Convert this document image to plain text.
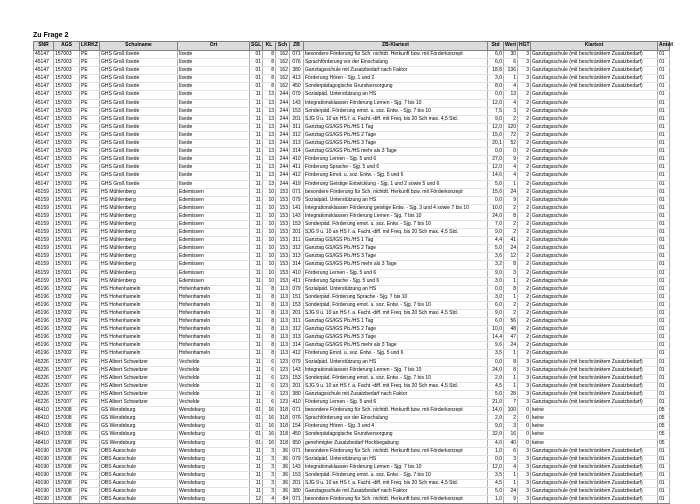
Zu Frage 2
SNR	AGS	LKRKZ	Schulname	Ort	SGL	KL	Sch	ZB	ZB-Klartext	Std	Wert	HGT	Klartext	Anteil
45147	157003	PE	GHS Groß Ilsede	Ilsede	01	8	162	071	besondere Förderung für Sch. nichtdt. Herkunft bzw. mit Förderkonzept	6,0	30	3	Ganztagsschule (mit beschränktem Zusatzbedarf)	01
45147	157003	PE	GHS Groß Ilsede	Ilsede	01	8	162	076	Sprachförderung vor der Einschulung	6,0	6	3	Ganztagsschule (mit beschränktem Zusatzbedarf)	01
45147	157003	PE	GHS Groß Ilsede	Ilsede	01	8	162	380	Ganztagsschule mit Zusatzbedarf nach Faktor	18,8	136	3	Ganztagsschule (mit beschränktem Zusatzbedarf)	01
45147	157003	PE	GHS Groß Ilsede	Ilsede	01	8	162	413	Förderung Hören - Sjg. 1 und 2	3,0	1	3	Ganztagsschule (mit beschränktem Zusatzbedarf)	01
45147	157003	PE	GHS Groß Ilsede	Ilsede	01	8	162	450	Sonderpädagogische Grundversorgung	8,0	4	3	Ganztagsschule (mit beschränktem Zusatzbedarf)	01
45147	157003	PE	GHS Groß Ilsede	Ilsede	11	13	244	079	Sozialpäd. Unterstützung an HS	0,0	13	2	Ganztagsschule	01
45147	157003	PE	GHS Groß Ilsede	Ilsede	11	13	244	143	Integrationsklassen Förderung Lernen - Sjg. 7 bis 10	12,0	4	2	Ganztagsschule	01
45147	157003	PE	GHS Groß Ilsede	Ilsede	11	13	244	153	Sonderpäd. Förderung emot. u. soz. Entw. - Sjg. 7 bis 10	7,5	3	2	Ganztagsschule	01
45147	157003	PE	GHS Groß Ilsede	Ilsede	11	13	244	201	SJG 9 u. 10 an HS f. a. Facht.-diff. mit Freq. bis 20 Sch max. 4,5 Std.	9,0	2	2	Ganztagsschule	01
45147	157003	PE	GHS Groß Ilsede	Ilsede	11	13	244	311	Ganztag GS/IGS Pb./HS 1 Tag	12,0	120	2	Ganztagsschule	01
45147	157003	PE	GHS Groß Ilsede	Ilsede	11	13	244	312	Ganztag GS/IGS Pb./HS 2 Tage	15,0	72	2	Ganztagsschule	01
45147	157003	PE	GHS Groß Ilsede	Ilsede	11	13	244	313	Ganztag GS/IGS Pb./HS 3 Tage	20,1	52	2	Ganztagsschule	01
45147	157003	PE	GHS Groß Ilsede	Ilsede	11	13	244	314	Ganztag GS/IGS Pb./HS mehr als 3 Tage	0,0	0	2	Ganztagsschule	01
45147	157003	PE	GHS Groß Ilsede	Ilsede	11	13	244	410	Förderung Lernen - Sjg. 5 und 6	27,0	9	2	Ganztagsschule	01
45147	157003	PE	GHS Groß Ilsede	Ilsede	11	13	244	411	Förderung Sprache - Sjg. 5 und 6	12,0	4	2	Ganztagsschule	01
45147	157003	PE	GHS Groß Ilsede	Ilsede	11	13	244	412	Förderung Emot. u. soz. Entw. - Sjg. 5 und 6	14,0	4	2	Ganztagsschule	01
45147	157003	PE	GHS Groß Ilsede	Ilsede	11	13	244	419	Förderung Geistige Entwicklung - Sjg. 1 und 2 sowie 5 und 6	5,0	1	2	Ganztagsschule	01
45159	157001	PE	HS Mühlenberg	Edemissen	11	10	153	071	besondere Förderung für Sch. nichtdt. Herkunft bzw. mit Förderkonzept	15,0	24	2	Ganztagsschule	01
45159	157001	PE	HS Mühlenberg	Edemissen	11	10	153	079	Sozialpäd. Unterstützung an HS	0,0	9	2	Ganztagsschule	01
45159	157001	PE	HS Mühlenberg	Edemissen	11	10	153	141	Integrationsklassen Förderung geistige Entw. - Sjg. 3 und 4 sowie 7 bis 10	10,0	2	2	Ganztagsschule	01
45159	157001	PE	HS Mühlenberg	Edemissen	11	10	153	143	Integrationsklassen Förderung Lernen - Sjg. 7 bis 10	24,0	8	2	Ganztagsschule	01
45159	157001	PE	HS Mühlenberg	Edemissen	11	10	153	153	Sonderpäd. Förderung emot. u. soz. Entw. - Sjg. 7 bis 10	7,0	2	2	Ganztagsschule	01
45159	157001	PE	HS Mühlenberg	Edemissen	11	10	153	201	SJG 9 u. 10 an HS f. a. Facht.-diff. mit Freq. bis 20 Sch max. 4,5 Std.	9,0	2	2	Ganztagsschule	01
45159	157001	PE	HS Mühlenberg	Edemissen	11	10	153	311	Ganztag GS/IGS Pb./HS 1 Tag	4,4	41	2	Ganztagsschule	01
45159	157001	PE	HS Mühlenberg	Edemissen	11	10	153	312	Ganztag GS/IGS Pb./HS 2 Tage	5,0	24	2	Ganztagsschule	01
45159	157001	PE	HS Mühlenberg	Edemissen	11	10	153	313	Ganztag GS/IGS Pb./HS 3 Tage	3,6	12	2	Ganztagsschule	01
45159	157001	PE	HS Mühlenberg	Edemissen	11	10	153	314	Ganztag GS/IGS Pb./HS mehr als 3 Tage	3,2	8	2	Ganztagsschule	01
45159	157001	PE	HS Mühlenberg	Edemissen	11	10	153	410	Förderung Lernen - Sjg. 5 und 6	9,0	3	2	Ganztagsschule	01
45159	157001	PE	HS Mühlenberg	Edemissen	11	10	153	411	Förderung Sprache - Sjg. 5 und 6	3,0	1	2	Ganztagsschule	01
45196	157002	PE	HS Hohenhameln	Hohenhameln	11	8	113	079	Sozialpäd. Unterstützung an HS	0,0	8	2	Ganztagsschule	01
45196	157002	PE	HS Hohenhameln	Hohenhameln	11	8	113	151	Sonderpäd. Förderung Sprache - Sjg. 7 bis 10	3,0	1	2	Ganztagsschule	01
45196	157002	PE	HS Hohenhameln	Hohenhameln	11	8	113	153	Sonderpäd. Förderung emot. u. soz. Entw. - Sjg. 7 bis 10	6,0	2	2	Ganztagsschule	01
45196	157002	PE	HS Hohenhameln	Hohenhameln	11	8	113	201	SJG 9 u. 10 an HS f. a. Facht.-diff. mit Freq. bis 20 Sch max. 4,5 Std.	9,0	2	2	Ganztagsschule	01
45196	157002	PE	HS Hohenhameln	Hohenhameln	11	8	113	311	Ganztag GS/IGS Pb./HS 1 Tag	6,0	56	2	Ganztagsschule	01
45196	157002	PE	HS Hohenhameln	Hohenhameln	11	8	113	312	Ganztag GS/IGS Pb./HS 2 Tage	10,0	48	2	Ganztagsschule	01
45196	157002	PE	HS Hohenhameln	Hohenhameln	11	8	113	313	Ganztag GS/IGS Pb./HS 3 Tage	14,4	47	2	Ganztagsschule	01
45196	157002	PE	HS Hohenhameln	Hohenhameln	11	8	113	314	Ganztag GS/IGS Pb./HS mehr als 3 Tage	9,6	24	2	Ganztagsschule	01
45196	157002	PE	HS Hohenhameln	Hohenhameln	11	8	113	412	Förderung Emot. u. soz. Entw. - Sjg. 5 und 6	3,5	1	2	Ganztagsschule	01
45226	157007	PE	HS Albert Schweitzer	Vechelde	11	6	123	079	Sozialpäd. Unterstützung an HS	0,0	8	3	Ganztagsschule (mit beschränktem Zusatzbedarf)	01
45226	157007	PE	HS Albert Schweitzer	Vechelde	11	6	123	143	Integrationsklassen Förderung Lernen - Sjg. 7 bis 10	24,0	8	3	Ganztagsschule (mit beschränktem Zusatzbedarf)	01
45226	157007	PE	HS Albert Schweitzer	Vechelde	11	6	123	153	Sonderpäd. Förderung emot. u. soz. Entw. - Sjg. 7 bis 10	2,0	1	3	Ganztagsschule (mit beschränktem Zusatzbedarf)	01
45226	157007	PE	HS Albert Schweitzer	Vechelde	11	6	123	201	SJG 9 u. 10 an HS f. a. Facht.-diff. mit Freq. bis 20 Sch max. 4,5 Std.	4,5	1	3	Ganztagsschule (mit beschränktem Zusatzbedarf)	01
45226	157007	PE	HS Albert Schweitzer	Vechelde	11	6	123	380	Ganztagsschule mit Zusatzbedarf nach Faktor	5,0	28	3	Ganztagsschule (mit beschränktem Zusatzbedarf)	01
45226	157007	PE	HS Albert Schweitzer	Vechelde	11	6	123	410	Förderung Lernen - Sjg. 5 und 6	21,0	7	3	Ganztagsschule (mit beschränktem Zusatzbedarf)	01
48410	157008	PE	GS Wendeburg	Wendeburg	01	16	318	071	besondere Förderung für Sch. nichtdt. Herkunft bzw. mit Förderkonzept	14,0	100	0	keine	05
48410	157008	PE	GS Wendeburg	Wendeburg	01	16	318	076	Sprachförderung vor der Einschulung	2,0	2	0	keine	05
48410	157008	PE	GS Wendeburg	Wendeburg	01	16	318	154	Förderung Hören - Sjg. 3 und 4	9,0	3	0	keine	05
48410	157008	PE	GS Wendeburg	Wendeburg	01	16	318	450	Sonderpädagogische Grundversorgung	32,0	16	0	keine	05
48410	157008	PE	GS Wendeburg	Wendeburg	01	16	318	950	genehmigter Zusatzbedarf Hochbegabung	4,0	40	0	keine	05
49190	157008	PE	OBS Aueschule	Wendeburg	11	3	36	071	besondere Förderung für Sch. nichtdt. Herkunft bzw. mit Förderkonzept	1,0	6	3	Ganztagsschule (mit beschränktem Zusatzbedarf)	01
49190	157008	PE	OBS Aueschule	Wendeburg	11	3	36	079	Sozialpäd. Unterstützung an HS	0,0	3	3	Ganztagsschule (mit beschränktem Zusatzbedarf)	01
49190	157008	PE	OBS Aueschule	Wendeburg	11	3	36	143	Integrationsklassen Förderung Lernen - Sjg. 7 bis 10	12,0	4	3	Ganztagsschule (mit beschränktem Zusatzbedarf)	01
49190	157008	PE	OBS Aueschule	Wendeburg	11	3	36	153	Sonderpäd. Förderung emot. u. soz. Entw. - Sjg. 7 bis 10	3,5	1	3	Ganztagsschule (mit beschränktem Zusatzbedarf)	01
49190	157008	PE	OBS Aueschule	Wendeburg	11	3	36	201	SJG 9 u. 10 an HS f. a. Facht.-diff. mit Freq. bis 20 Sch max. 4,5 Std.	4,5	1	3	Ganztagsschule (mit beschränktem Zusatzbedarf)	01
49190	157008	PE	OBS Aueschule	Wendeburg	11	3	36	380	Ganztagsschule mit Zusatzbedarf nach Faktor	5,0	24	3	Ganztagsschule (mit beschränktem Zusatzbedarf)	01
49190	157008	PE	OBS Aueschule	Wendeburg	12	4	84	071	besondere Förderung für Sch. nichtdt. Herkunft bzw. mit Förderkonzept	1,0	9	3	Ganztagsschule (mit beschränktem Zusatzbedarf)	01
